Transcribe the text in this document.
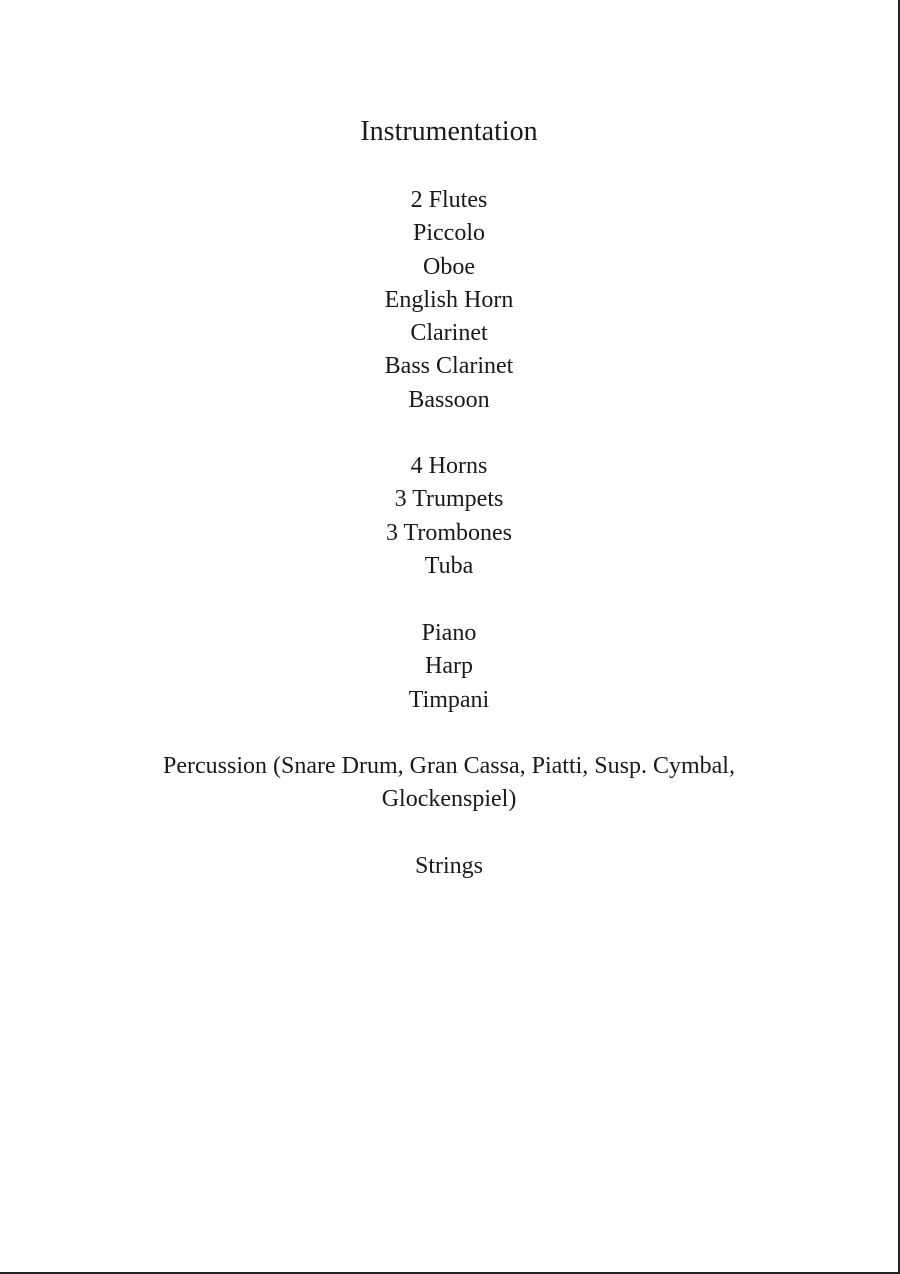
Instrumentation
2 Flutes
Piccolo
Oboe
English Horn
Clarinet
Bass Clarinet
Bassoon
4 Horns
3 Trumpets
3 Trombones
Tuba
Piano
Harp
Timpani

Percussion (Snare Drum, Gran Cassa, Piatti, Susp. Cymbal, Glockenspiel)

Strings
